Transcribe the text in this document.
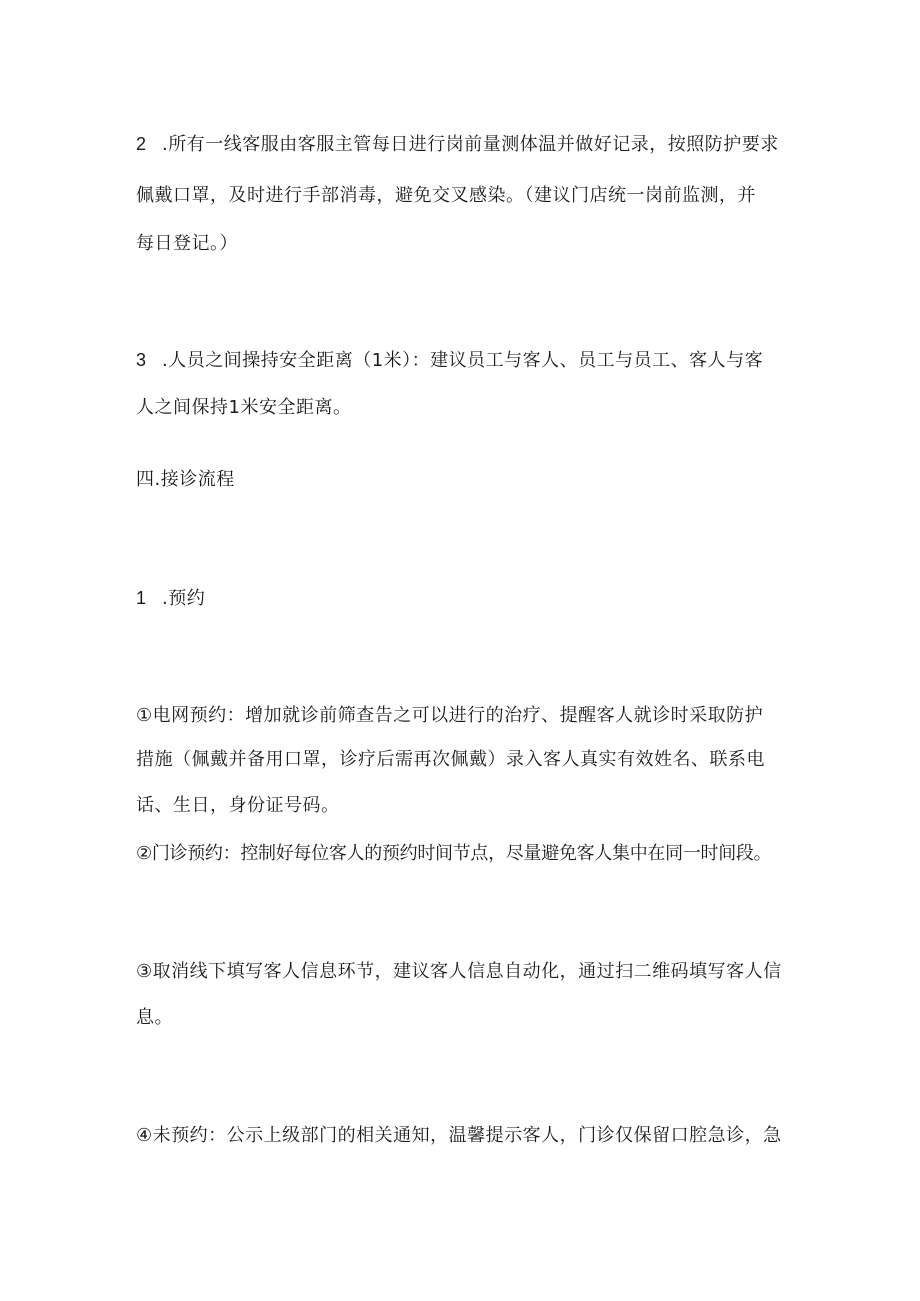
2 .所有一线客服由客服主管每日进行岗前量测体温并做好记录，按照防护要求
佩戴口罩，及时进行手部消毒，避免交叉感染。（建议门店统一岗前监测，并
每日登记。）
3 .人员之间操持安全距离（1米）：建议员工与客人、员工与员工、客人与客
人之间保持1米安全距离。
四.接诊流程
1 .预约
①电网预约：增加就诊前筛查告之可以进行的治疗、提醒客人就诊时采取防护
措施（佩戴并备用口罩，诊疗后需再次佩戴）录入客人真实有效姓名、联系电
话、生日，身份证号码。
②门诊预约：控制好每位客人的预约时间节点，尽量避免客人集中在同一时间段。
③取消线下填写客人信息环节，建议客人信息自动化，通过扫二维码填写客人信
息。
④未预约：公示上级部门的相关通知，温馨提示客人，门诊仅保留口腔急诊，急
